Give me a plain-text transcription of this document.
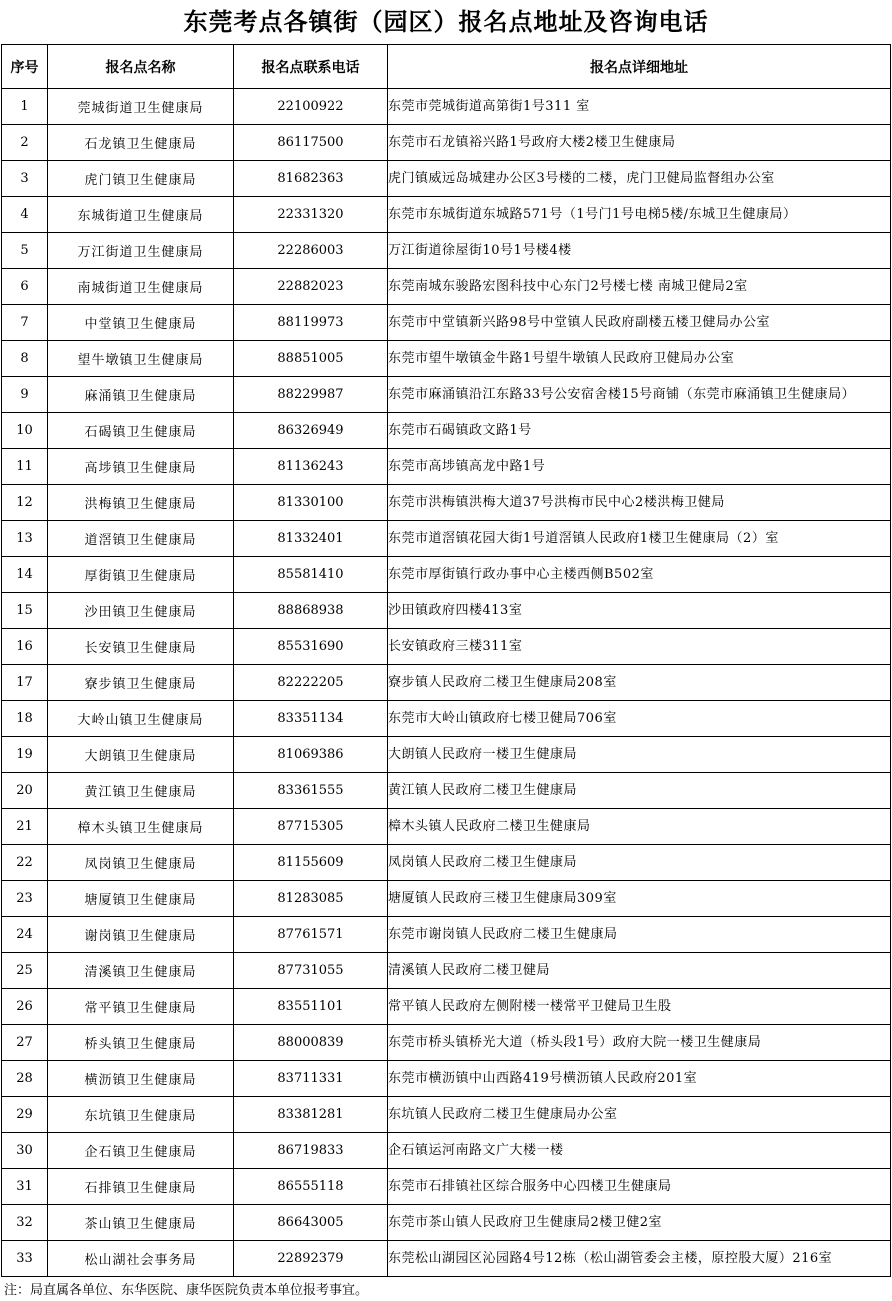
东莞考点各镇街（园区）报名点地址及咨询电话
序号	报名点名称	报名点联系电话	报名点详细地址
1	莞城街道卫生健康局	22100922	东莞市莞城街道高第街1号311 室
2	石龙镇卫生健康局	86117500	东莞市石龙镇裕兴路1号政府大楼2楼卫生健康局
3	虎门镇卫生健康局	81682363	虎门镇威远岛城建办公区3号楼的二楼，虎门卫健局监督组办公室
4	东城街道卫生健康局	22331320	东莞市东城街道东城路571号（1号门1号电梯5楼/东城卫生健康局）
5	万江街道卫生健康局	22286003	万江街道徐屋街10号1号楼4楼
6	南城街道卫生健康局	22882023	东莞南城东骏路宏图科技中心东门2号楼七楼 南城卫健局2室
7	中堂镇卫生健康局	88119973	东莞市中堂镇新兴路98号中堂镇人民政府副楼五楼卫健局办公室
8	望牛墩镇卫生健康局	88851005	东莞市望牛墩镇金牛路1号望牛墩镇人民政府卫健局办公室
9	麻涌镇卫生健康局	88229987	东莞市麻涌镇沿江东路33号公安宿舍楼15号商铺（东莞市麻涌镇卫生健康局）
10	石碣镇卫生健康局	86326949	东莞市石碣镇政文路1号
11	高埗镇卫生健康局	81136243	东莞市高埗镇高龙中路1号
12	洪梅镇卫生健康局	81330100	东莞市洪梅镇洪梅大道37号洪梅市民中心2楼洪梅卫健局
13	道滘镇卫生健康局	81332401	东莞市道滘镇花园大街1号道滘镇人民政府1楼卫生健康局（2）室
14	厚街镇卫生健康局	85581410	东莞市厚街镇行政办事中心主楼西侧B502室
15	沙田镇卫生健康局	88868938	沙田镇政府四楼413室
16	长安镇卫生健康局	85531690	长安镇政府三楼311室
17	寮步镇卫生健康局	82222205	寮步镇人民政府二楼卫生健康局208室
18	大岭山镇卫生健康局	83351134	东莞市大岭山镇政府七楼卫健局706室
19	大朗镇卫生健康局	81069386	大朗镇人民政府一楼卫生健康局
20	黄江镇卫生健康局	83361555	黄江镇人民政府二楼卫生健康局
21	樟木头镇卫生健康局	87715305	樟木头镇人民政府二楼卫生健康局
22	凤岗镇卫生健康局	81155609	凤岗镇人民政府二楼卫生健康局
23	塘厦镇卫生健康局	81283085	塘厦镇人民政府三楼卫生健康局309室
24	谢岗镇卫生健康局	87761571	东莞市谢岗镇人民政府二楼卫生健康局
25	清溪镇卫生健康局	87731055	清溪镇人民政府二楼卫健局
26	常平镇卫生健康局	83551101	常平镇人民政府左侧附楼一楼常平卫健局卫生股
27	桥头镇卫生健康局	88000839	东莞市桥头镇桥光大道（桥头段1号）政府大院一楼卫生健康局
28	横沥镇卫生健康局	83711331	东莞市横沥镇中山西路419号横沥镇人民政府201室
29	东坑镇卫生健康局	83381281	东坑镇人民政府二楼卫生健康局办公室
30	企石镇卫生健康局	86719833	企石镇运河南路文广大楼一楼
31	石排镇卫生健康局	86555118	东莞市石排镇社区综合服务中心四楼卫生健康局
32	茶山镇卫生健康局	86643005	东莞市茶山镇人民政府卫生健康局2楼卫健2室
33	松山湖社会事务局	22892379	东莞松山湖园区沁园路4号12栋（松山湖管委会主楼，原控股大厦）216室
注：局直属各单位、东华医院、康华医院负责本单位报考事宜。
